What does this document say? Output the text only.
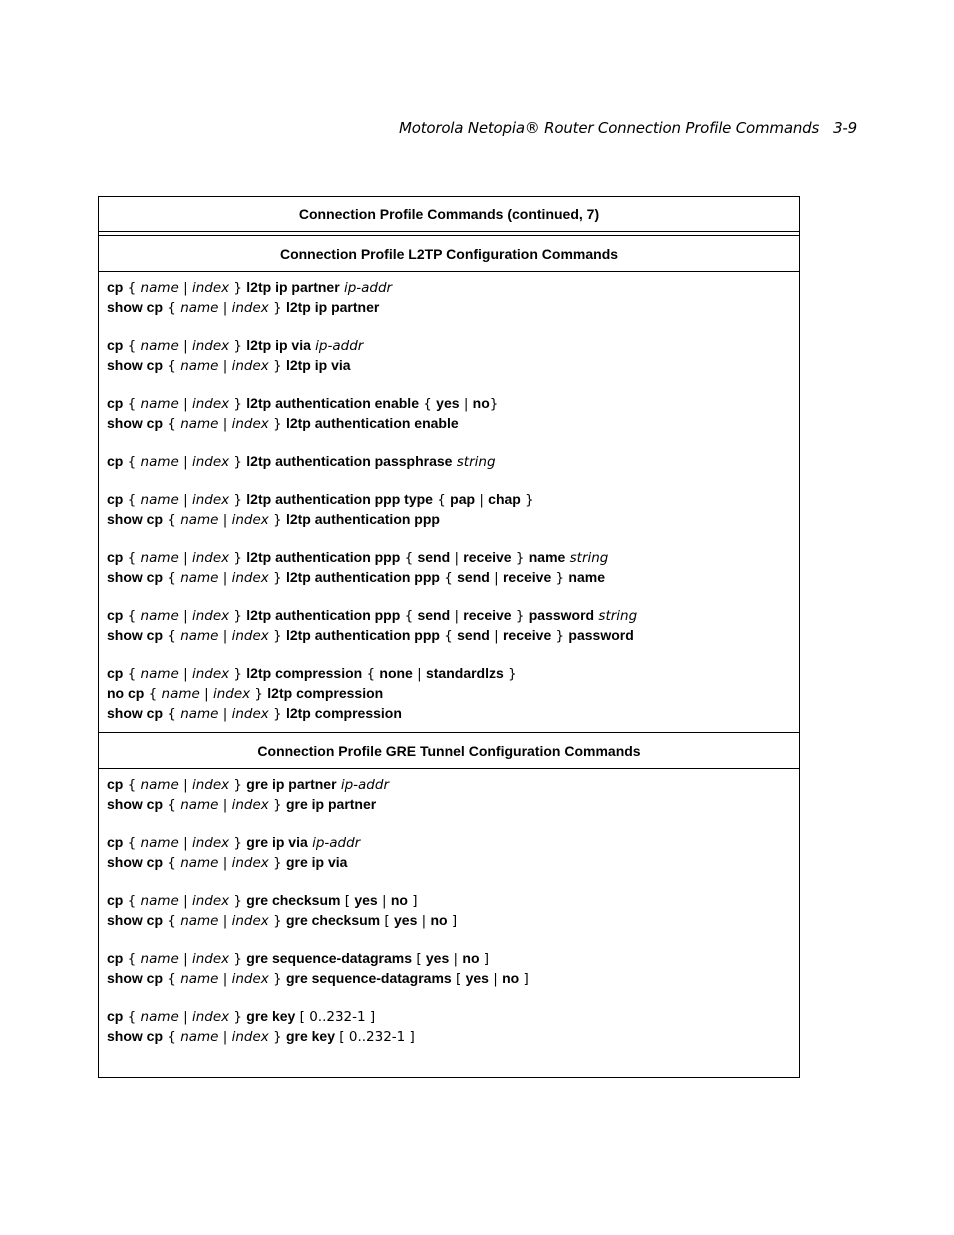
Motorola Netopia® Router Connection Profile Commands 3-9
Connection Profile Commands (continued, 7)
Connection Profile L2TP Configuration Commands
cp { name | index } l2tp ip partner ip-addr
show cp { name | index } l2tp ip partner
cp { name | index } l2tp ip via ip-addr
show cp { name | index } l2tp ip via
cp { name | index } l2tp authentication enable { yes | no}
show cp { name | index } l2tp authentication enable
cp { name | index } l2tp authentication passphrase string
cp { name | index } l2tp authentication ppp type { pap | chap }
show cp { name | index } l2tp authentication ppp
cp { name | index } l2tp authentication ppp { send | receive } name string
show cp { name | index } l2tp authentication ppp { send | receive } name
cp { name | index } l2tp authentication ppp { send | receive } password string
show cp { name | index } l2tp authentication ppp { send | receive } password
cp { name | index } l2tp compression { none | standardlzs }
no cp { name | index } l2tp compression
show cp { name | index } l2tp compression
Connection Profile GRE Tunnel Configuration Commands
cp { name | index } gre ip partner ip-addr
show cp { name | index } gre ip partner
cp { name | index } gre ip via ip-addr
show cp { name | index } gre ip via
cp { name | index } gre checksum [ yes | no ]
show cp { name | index } gre checksum [ yes | no ]
cp { name | index } gre sequence-datagrams [ yes | no ]
show cp { name | index } gre sequence-datagrams [ yes | no ]
cp { name | index } gre key [ 0..232-1 ]
show cp { name | index } gre key [ 0..232-1 ]
